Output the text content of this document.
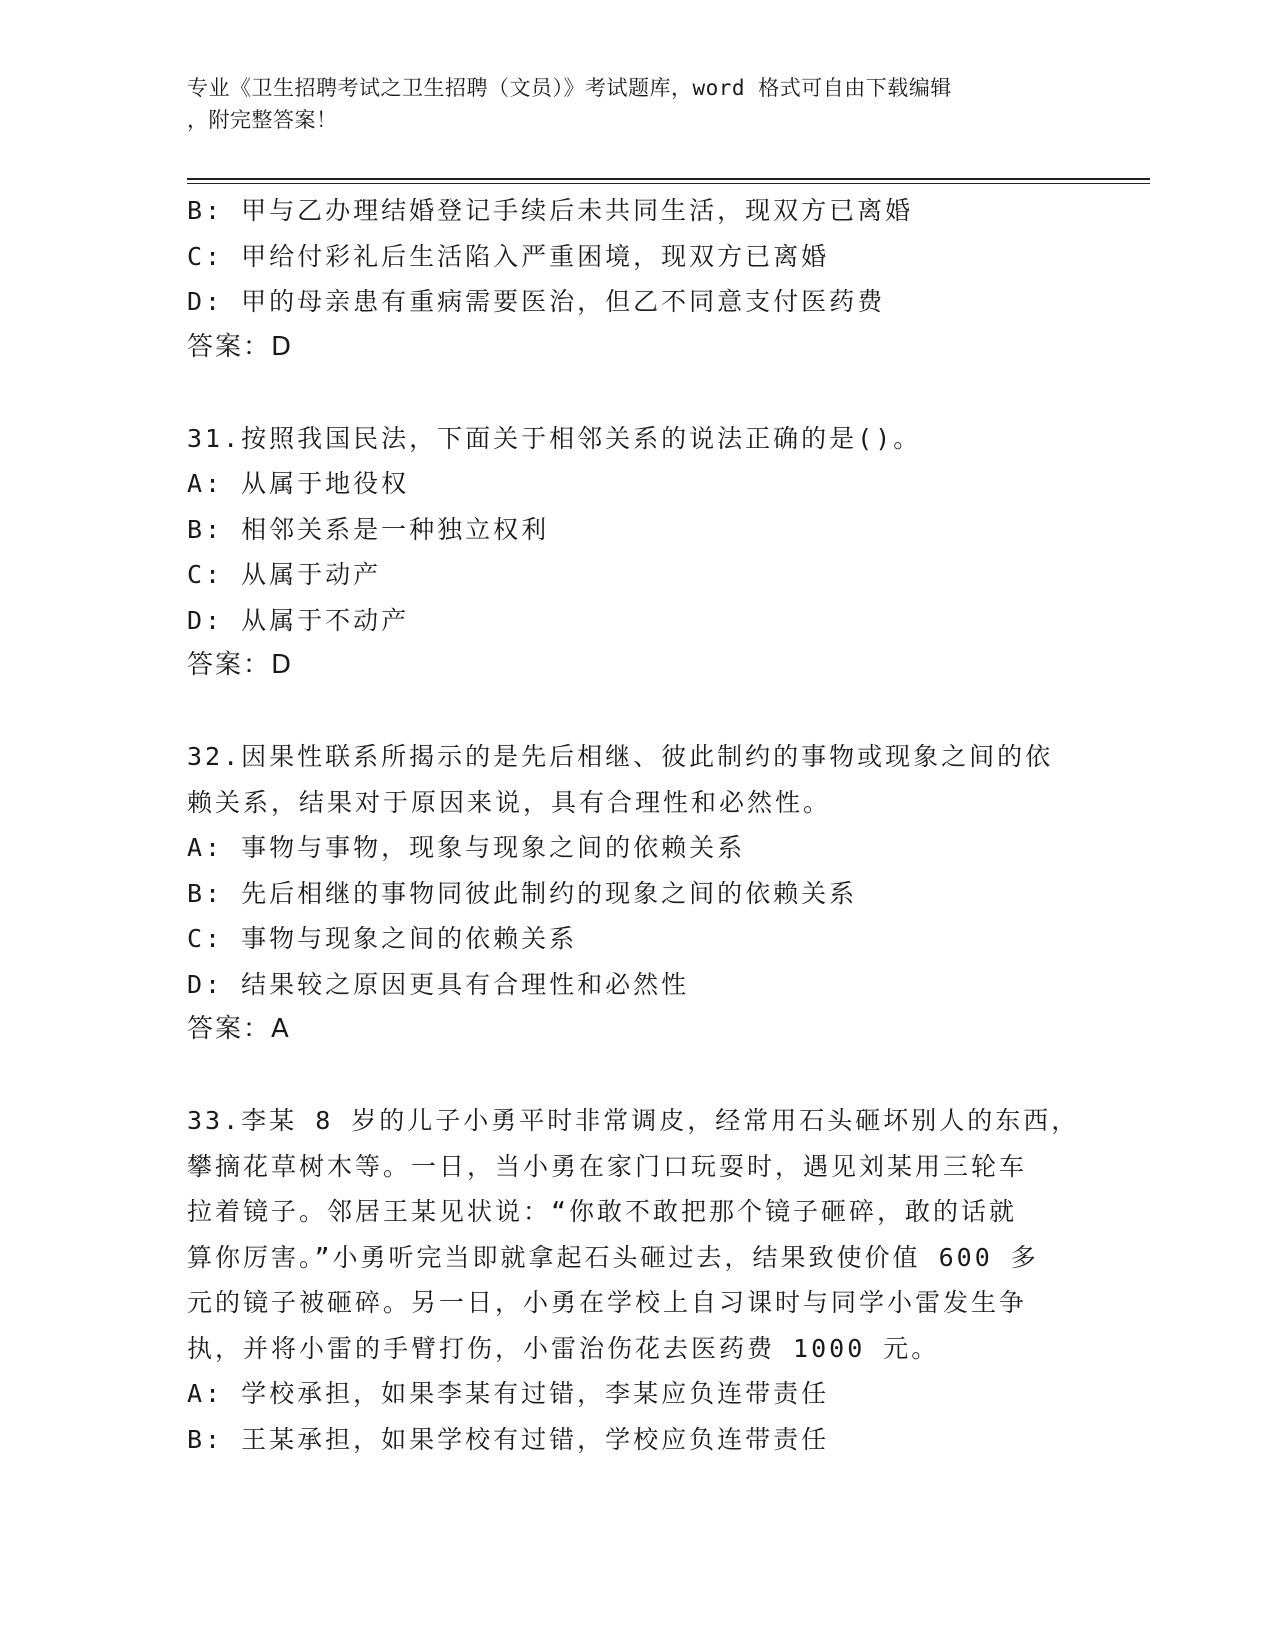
专业《卫生招聘考试之卫生招聘（文员）》考试题库，word 格式可自由下载编辑
，附完整答案！
B: 甲与乙办理结婚登记手续后未共同生活，现双方已离婚
C: 甲给付彩礼后生活陷入严重困境，现双方已离婚
D: 甲的母亲患有重病需要医治，但乙不同意支付医药费
答案：D
31.按照我国民法，下面关于相邻关系的说法正确的是()。
A: 从属于地役权
B: 相邻关系是一种独立权利
C: 从属于动产
D: 从属于不动产
答案：D
32.因果性联系所揭示的是先后相继、彼此制约的事物或现象之间的依
赖关系，结果对于原因来说，具有合理性和必然性。
A: 事物与事物，现象与现象之间的依赖关系
B: 先后相继的事物同彼此制约的现象之间的依赖关系
C: 事物与现象之间的依赖关系
D: 结果较之原因更具有合理性和必然性
答案：A
33.李某 8 岁的儿子小勇平时非常调皮，经常用石头砸坏别人的东西，
攀摘花草树木等。一日，当小勇在家门口玩耍时，遇见刘某用三轮车
拉着镜子。邻居王某见状说：“你敢不敢把那个镜子砸碎，敢的话就
算你厉害。”小勇听完当即就拿起石头砸过去，结果致使价值 600 多
元的镜子被砸碎。另一日，小勇在学校上自习课时与同学小雷发生争
执，并将小雷的手臂打伤，小雷治伤花去医药费 1000 元。
A: 学校承担，如果李某有过错，李某应负连带责任
B: 王某承担，如果学校有过错，学校应负连带责任
